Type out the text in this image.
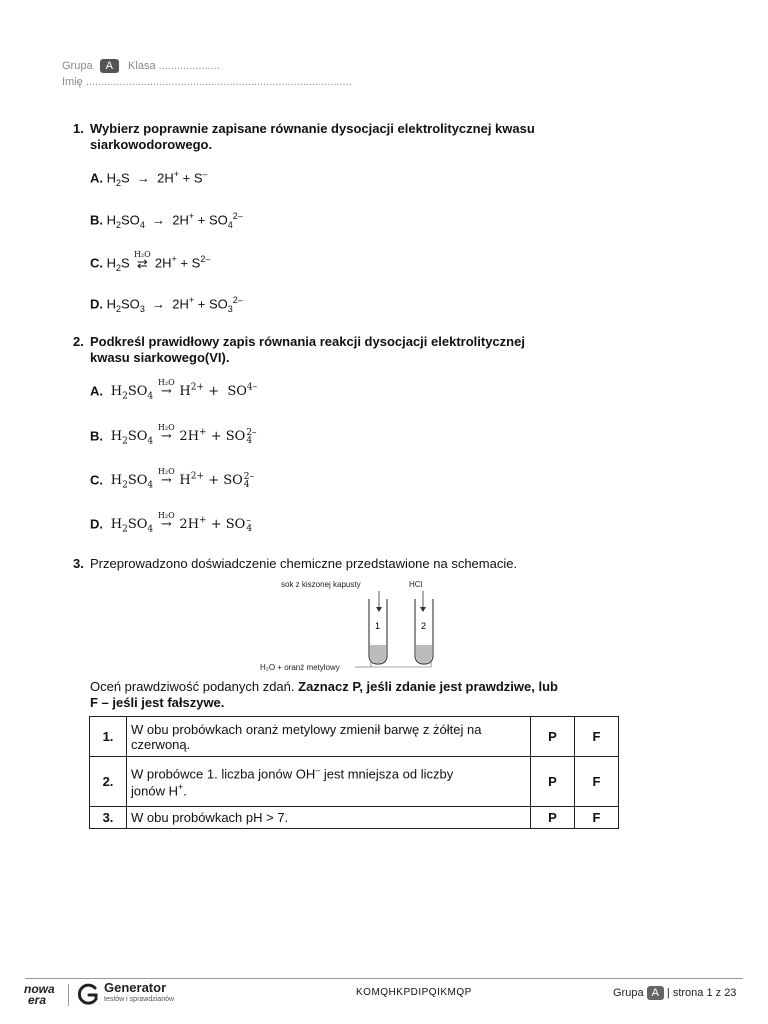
Grupa A Klasa ....................
Imię .......................................................................................
1. Wybierz poprawnie zapisane równanie dysocjacji elektrolitycznej kwasu
siarkowodorowego.
A. $H_2S \to 2H^+ + S^-$
B. $H_2SO_4 \to 2H^+ + SO_4^{2-}$
C. $H_2S$
H₂O
⇄ $2H^+ + S^{2-}$
D. $H_2SO_3 \to 2H^+ + SO_3^{2-}$
2. Podkreśl prawidłowy zapis równania reakcji dysocjacji elektrolitycznej
kwasu siarkowego(VI).
A.  $H_2SO_4$
H₂O
→ $H^{2+} + SO^{4-}$
B.  $H_2SO_4$
H₂O
→ 2H+ + SO 2–
4
C.  $H_2SO_4$
H₂O
→ $H^{2+}$ + SO 2–
4
D.  $H_2SO_4$
H₂O
→ 2H+ + SO –
4
3. Przeprowadzono doświadczenie chemiczne przedstawione na schemacie.
sok z kiszonej kapusty	HCl
1	2
H₂O + oranż metylowy
Oceń prawdziwość podanych zdań. Zaznacz P, jeśli zdanie jest prawdziwe, lub
F – jeśli jest fałszywe.
1.	W obu probówkach oranż metylowy zmienił barwę z żółtej na
czerwoną.	P	F
2.	W probówce 1. liczba jonów OH– jest mniejsza od liczby
jonów H+.	P	F
3.	W obu probówkach pH > 7.	P	F
nowa
era
Generator
testów i sprawdzianów
KOMQHKPDIPQIKMQP	Grupa A | strona 1 z 23
